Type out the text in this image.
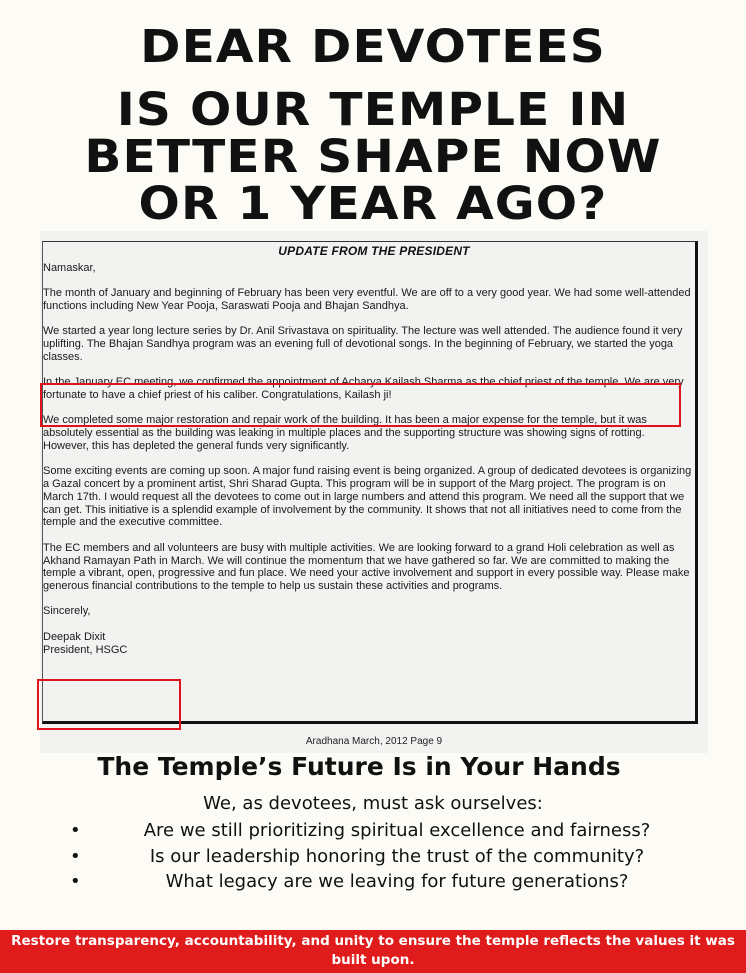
DEAR DEVOTEES
IS OUR TEMPLE IN
BETTER SHAPE NOW
OR 1 YEAR AGO?
UPDATE FROM THE PRESIDENT

Namaskar,

The month of January and beginning of February has been very eventful. We are off to a very good year. We had some well-attended functions including New Year Pooja, Saraswati Pooja and Bhajan Sandhya.

We started a year long lecture series by Dr. Anil Srivastava on spirituality. The lecture was well attended. The audience found it very uplifting. The Bhajan Sandhya program was an evening full of devotional songs. In the beginning of February, we started the yoga classes.

In the January EC meeting, we confirmed the appointment of Acharya Kailash Sharma as the chief priest of the temple. We are very fortunate to have a chief priest of his caliber. Congratulations, Kailash ji!

We completed some major restoration and repair work of the building. It has been a major expense for the temple, but it was absolutely essential as the building was leaking in multiple places and the supporting structure was showing signs of rotting. However, this has depleted the general funds very significantly.

Some exciting events are coming up soon. A major fund raising event is being organized. A group of dedicated devotees is organizing a Gazal concert by a prominent artist, Shri Sharad Gupta. This program will be in support of the Marg project. The program is on March 17th. I would request all the devotees to come out in large numbers and attend this program. We need all the support that we can get. This initiative is a splendid example of involvement by the community. It shows that not all initiatives need to come from the temple and the executive committee.

The EC members and all volunteers are busy with multiple activities. We are looking forward to a grand Holi celebration as well as Akhand Ramayan Path in March. We will continue the momentum that we have gathered so far. We are committed to making the temple a vibrant, open, progressive and fun place. We need your active involvement and support in every possible way. Please make generous financial contributions to the temple to help us sustain these activities and programs.

Sincerely,

Deepak Dixit

President, HSGC

Aradhana March, 2012 Page 9
The Temple’s Future Is in Your Hands
We, as devotees, must ask ourselves:
•	Are we still prioritizing spiritual excellence and fairness?
•	Is our leadership honoring the trust of the community?
•	What legacy are we leaving for future generations?
Restore transparency, accountability, and unity to ensure the temple reflects the values it was built upon.
